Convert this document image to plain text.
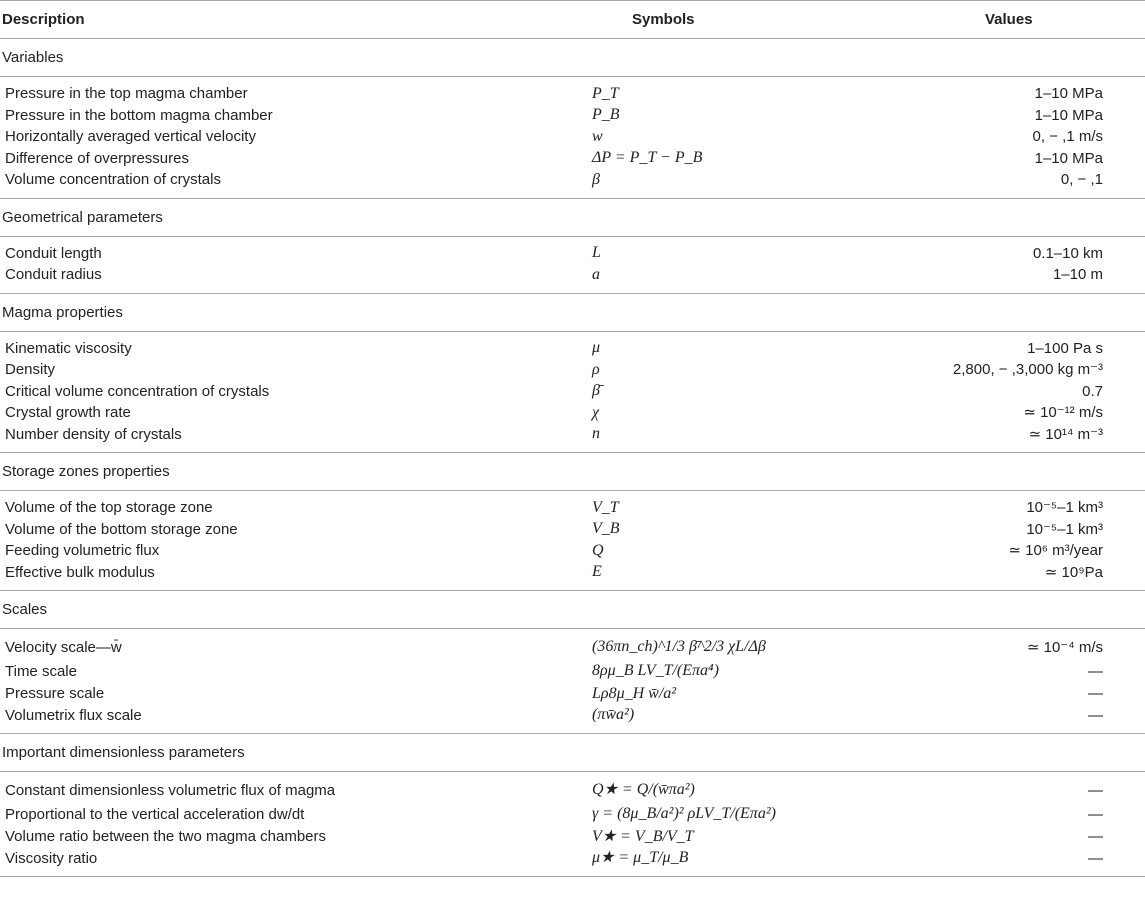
Description	Symbols	Values
Variables		

Pressure in the top magma chamber	P_T	1–10 MPa
Pressure in the bottom magma chamber	P_B	1–10 MPa
Horizontally averaged vertical velocity	w	0, − ,1 m/s
Difference of overpressures	ΔP = P_T − P_B	1–10 MPa
Volume concentration of crystals	β	0, − ,1

Geometrical parameters		

Conduit length	L	0.1–10 km
Conduit radius	a	1–10 m

Magma properties		

Kinematic viscosity	μ	1–100 Pa s
Density	ρ	2,800, − ,3,000 kg m⁻³
Critical volume concentration of crystals	β̄	0.7
Crystal growth rate	χ	≃ 10⁻¹² m/s
Number density of crystals	n	≃ 10¹⁴ m⁻³

Storage zones properties		

Volume of the top storage zone	V_T	10⁻⁵–1 km³
Volume of the bottom storage zone	V_B	10⁻⁵–1 km³
Feeding volumetric flux	Q	≃ 10⁶ m³/year
Effective bulk modulus	E	≃ 10⁹Pa

Scales		

Velocity scale—w̄	(36πn_ch)^1/3 β̄^2/3 χL/Δβ	≃ 10⁻⁴ m/s
Time scale	8ρμ_B LV_T/(Eπa⁴)	—
Pressure scale	Lρ8μ_H w̄/a²	—
Volumetrix flux scale	(πw̄a²)	—

Important dimensionless parameters		

Constant dimensionless volumetric flux of magma	Q★ = Q/(w̄πa²)	—
Proportional to the vertical acceleration dw/dt	γ = (8μ_B/a²)² ρLV_T/(Eπa²)	—
Volume ratio between the two magma chambers	V★ = V_B/V_T	—
Viscosity ratio	μ★ = μ_T/μ_B	—
